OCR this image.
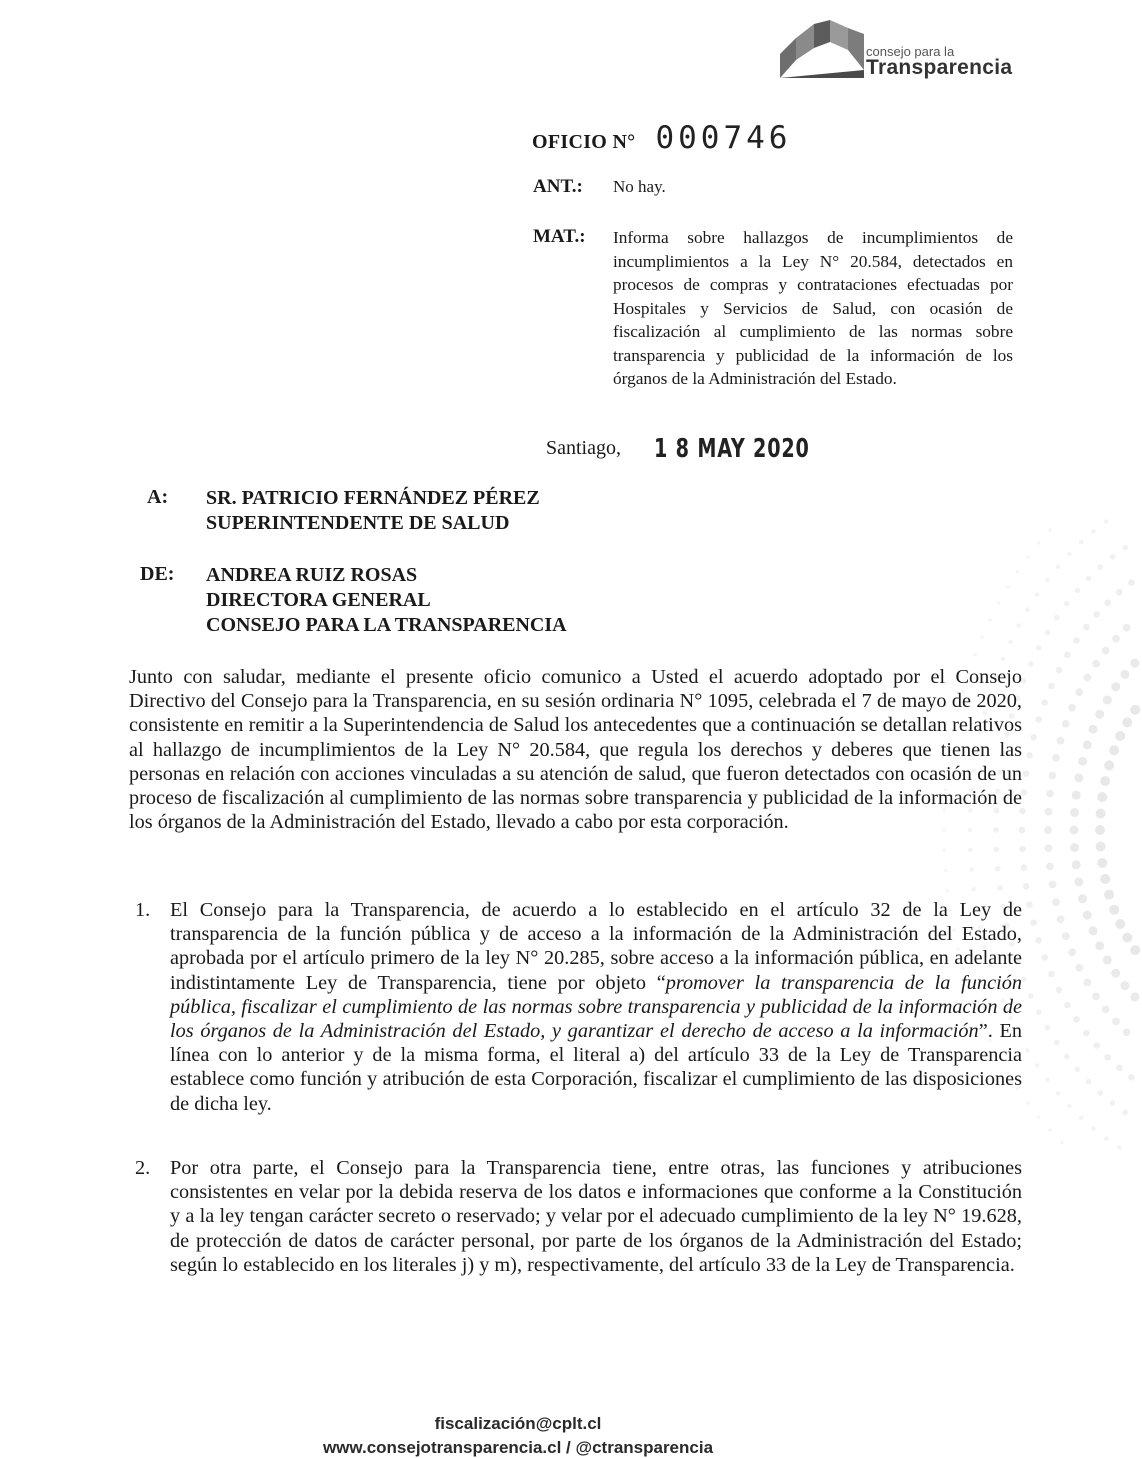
consejo para la
Transparencia
OFICIO N° 000746
ANT.: No hay.
MAT.: Informa sobre hallazgos de incumplimientos de incumplimientos a la Ley N° 20.584, detectados en procesos de compras y contrataciones efectuadas por Hospitales y Servicios de Salud, con ocasión de fiscalización al cumplimiento de las normas sobre transparencia y publicidad de la información de los órganos de la Administración del Estado.
Santiago, 1 8 MAY 2020
A: SR. PATRICIO FERNÁNDEZ PÉREZ
SUPERINTENDENTE DE SALUD
DE: ANDREA RUIZ ROSAS
DIRECTORA GENERAL
CONSEJO PARA LA TRANSPARENCIA
Junto con saludar, mediante el presente oficio comunico a Usted el acuerdo adoptado por el Consejo Directivo del Consejo para la Transparencia, en su sesión ordinaria N° 1095, celebrada el 7 de mayo de 2020, consistente en remitir a la Superintendencia de Salud los antecedentes que a continuación se detallan relativos al hallazgo de incumplimientos de la Ley N° 20.584, que regula los derechos y deberes que tienen las personas en relación con acciones vinculadas a su atención de salud, que fueron detectados con ocasión de un proceso de fiscalización al cumplimiento de las normas sobre transparencia y publicidad de la información de los órganos de la Administración del Estado, llevado a cabo por esta corporación.
1. El Consejo para la Transparencia, de acuerdo a lo establecido en el artículo 32 de la Ley de transparencia de la función pública y de acceso a la información de la Administración del Estado, aprobada por el artículo primero de la ley N° 20.285, sobre acceso a la información pública, en adelante indistintamente Ley de Transparencia, tiene por objeto “promover la transparencia de la función pública, fiscalizar el cumplimiento de las normas sobre transparencia y publicidad de la información de los órganos de la Administración del Estado, y garantizar el derecho de acceso a la información”. En línea con lo anterior y de la misma forma, el literal a) del artículo 33 de la Ley de Transparencia establece como función y atribución de esta Corporación, fiscalizar el cumplimiento de las disposiciones de dicha ley.
2. Por otra parte, el Consejo para la Transparencia tiene, entre otras, las funciones y atribuciones consistentes en velar por la debida reserva de los datos e informaciones que conforme a la Constitución y a la ley tengan carácter secreto o reservado; y velar por el adecuado cumplimiento de la ley N° 19.628, de protección de datos de carácter personal, por parte de los órganos de la Administración del Estado; según lo establecido en los literales j) y m), respectivamente, del artículo 33 de la Ley de Transparencia.
fiscalización@cplt.cl
www.consejotransparencia.cl / @ctransparencia
